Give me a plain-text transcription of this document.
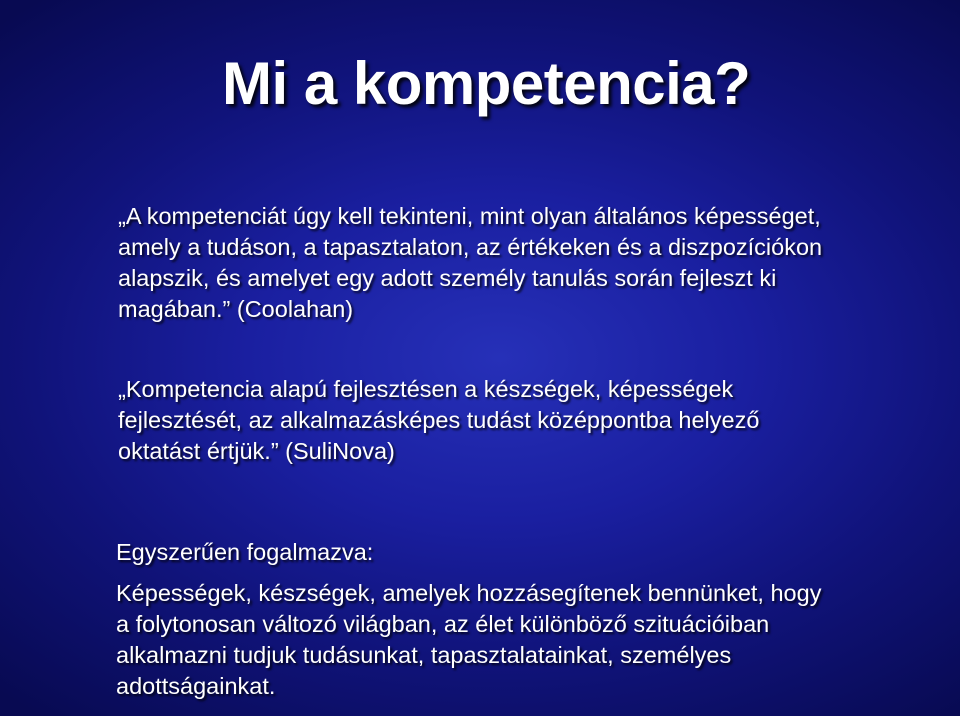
Mi a kompetencia?

„A kompetenciát úgy kell tekinteni, mint olyan általános képességet,
amely a tudáson, a tapasztalaton, az értékeken és a diszpozíciókon
alapszik, és amelyet egy adott személy tanulás során fejleszt ki
magában.” (Coolahan)

„Kompetencia alapú fejlesztésen a készségek, képességek
fejlesztését, az alkalmazásképes tudást középpontba helyező
oktatást értjük.” (SuliNova)

Egyszerűen fogalmazva:

Képességek, készségek, amelyek hozzásegítenek bennünket, hogy
a folytonosan változó világban, az élet különböző szituációiban
alkalmazni tudjuk tudásunkat, tapasztalatainkat, személyes
adottságainkat.
